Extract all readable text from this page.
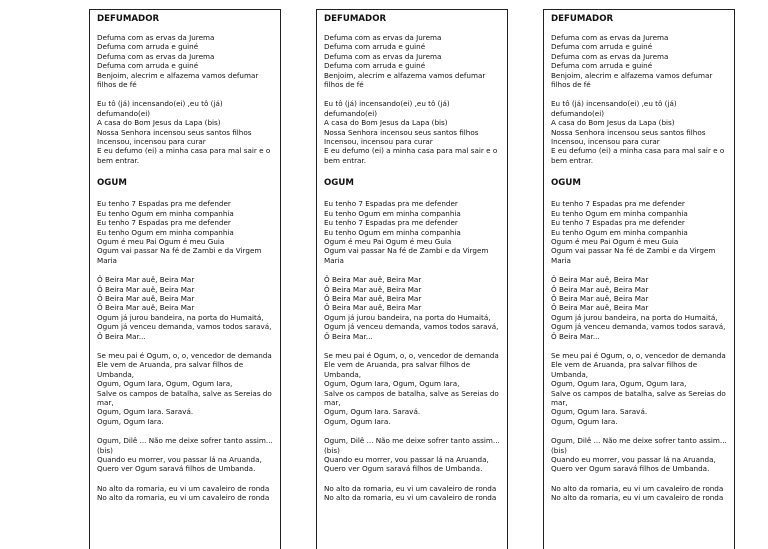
DEFUMADOR
Defuma com as ervas da Jurema
Defuma com arruda e guiné
Defuma com as ervas da Jurema
Defuma com arruda e guiné
Benjoim, alecrim e alfazema vamos defumar filhos de fé
Eu tô (já) incensando(ei) ,eu tô (já) defumando(ei)
A casa do Bom Jesus da Lapa (bis)
Nossa Senhora incensou seus santos filhos
Incensou, incensou para curar
E eu defumo (ei) a minha casa para mal sair e o bem entrar.
OGUM
Eu tenho 7 Espadas pra me defender
Eu tenho Ogum em minha companhia
Eu tenho 7 Espadas pra me defender
Eu tenho Ogum em minha companhia
Ogum é meu Pai Ogum é meu Guia
Ogum vai passar Na fé de Zambi e da Virgem Maria
Ô Beira Mar auê, Beira Mar
Ô Beira Mar auê, Beira Mar
Ô Beira Mar auê, Beira Mar
Ô Beira Mar auê, Beira Mar
Ogum já jurou bandeira, na porta do Humaitá,
Ogum já venceu demanda, vamos todos saravá, Ô Beira Mar...
Se meu pai é Ogum, o, o, vencedor de demanda
Ele vem de Aruanda, pra salvar filhos de Umbanda,
Ogum, Ogum Iara, Ogum, Ogum Iara,
Salve os campos de batalha, salve as Sereias do mar,
Ogum, Ogum Iara. Saravá.
Ogum, Ogum Iara.
Ogum, Dilê ... Não me deixe sofrer tanto assim... (bis)
Quando eu morrer, vou passar lá na Aruanda,
Quero ver Ogum saravá filhos de Umbanda.
No alto da romaria, eu vi um cavaleiro de ronda
No alto da romaria, eu vi um cavaleiro de ronda
DEFUMADOR
Defuma com as ervas da Jurema
Defuma com arruda e guiné
Defuma com as ervas da Jurema
Defuma com arruda e guiné
Benjoim, alecrim e alfazema vamos defumar filhos de fé
Eu tô (já) incensando(ei) ,eu tô (já) defumando(ei)
A casa do Bom Jesus da Lapa (bis)
Nossa Senhora incensou seus santos filhos
Incensou, incensou para curar
E eu defumo (ei) a minha casa para mal sair e o bem entrar.
OGUM
Eu tenho 7 Espadas pra me defender
Eu tenho Ogum em minha companhia
Eu tenho 7 Espadas pra me defender
Eu tenho Ogum em minha companhia
Ogum é meu Pai Ogum é meu Guia
Ogum vai passar Na fé de Zambi e da Virgem Maria
Ô Beira Mar auê, Beira Mar
Ô Beira Mar auê, Beira Mar
Ô Beira Mar auê, Beira Mar
Ô Beira Mar auê, Beira Mar
Ogum já jurou bandeira, na porta do Humaitá,
Ogum já venceu demanda, vamos todos saravá, Ô Beira Mar...
Se meu pai é Ogum, o, o, vencedor de demanda
Ele vem de Aruanda, pra salvar filhos de Umbanda,
Ogum, Ogum Iara, Ogum, Ogum Iara,
Salve os campos de batalha, salve as Sereias do mar,
Ogum, Ogum Iara. Saravá.
Ogum, Ogum Iara.
Ogum, Dilê ... Não me deixe sofrer tanto assim... (bis)
Quando eu morrer, vou passar lá na Aruanda,
Quero ver Ogum saravá filhos de Umbanda.
No alto da romaria, eu vi um cavaleiro de ronda
No alto da romaria, eu vi um cavaleiro de ronda
DEFUMADOR
Defuma com as ervas da Jurema
Defuma com arruda e guiné
Defuma com as ervas da Jurema
Defuma com arruda e guiné
Benjoim, alecrim e alfazema vamos defumar filhos de fé
Eu tô (já) incensando(ei) ,eu tô (já) defumando(ei)
A casa do Bom Jesus da Lapa (bis)
Nossa Senhora incensou seus santos filhos
Incensou, incensou para curar
E eu defumo (ei) a minha casa para mal sair e o bem entrar.
OGUM
Eu tenho 7 Espadas pra me defender
Eu tenho Ogum em minha companhia
Eu tenho 7 Espadas pra me defender
Eu tenho Ogum em minha companhia
Ogum é meu Pai Ogum é meu Guia
Ogum vai passar Na fé de Zambi e da Virgem Maria
Ô Beira Mar auê, Beira Mar
Ô Beira Mar auê, Beira Mar
Ô Beira Mar auê, Beira Mar
Ô Beira Mar auê, Beira Mar
Ogum já jurou bandeira, na porta do Humaitá,
Ogum já venceu demanda, vamos todos saravá, Ô Beira Mar...
Se meu pai é Ogum, o, o, vencedor de demanda
Ele vem de Aruanda, pra salvar filhos de Umbanda,
Ogum, Ogum Iara, Ogum, Ogum Iara,
Salve os campos de batalha, salve as Sereias do mar,
Ogum, Ogum Iara. Saravá.
Ogum, Ogum Iara.
Ogum, Dilê ... Não me deixe sofrer tanto assim... (bis)
Quando eu morrer, vou passar lá na Aruanda,
Quero ver Ogum saravá filhos de Umbanda.
No alto da romaria, eu vi um cavaleiro de ronda
No alto da romaria, eu vi um cavaleiro de ronda
